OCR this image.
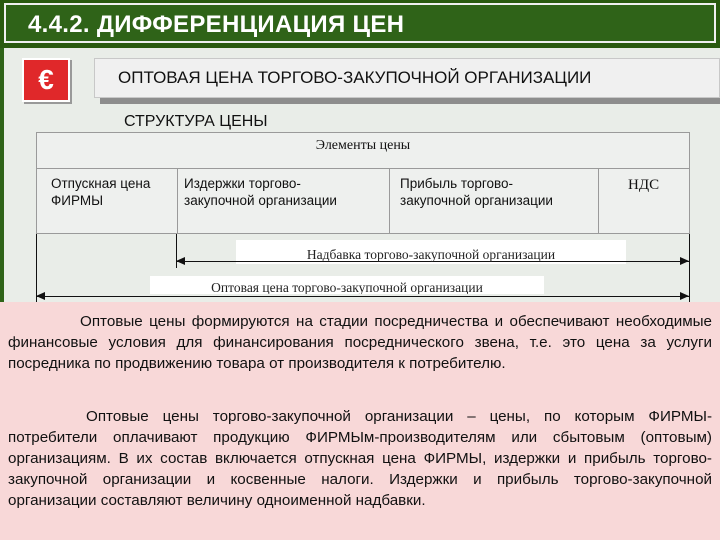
4.4.2. ДИФФЕРЕНЦИАЦИЯ ЦЕН
€	ОПТОВАЯ ЦЕНА ТОРГОВО-ЗАКУПОЧНОЙ ОРГАНИЗАЦИИ
СТРУКТУРА ЦЕНЫ
Элементы цены
Отпускная цена ФИРМЫ
Издержки торгово-закупочной организации
Прибыль торгово-закупочной организации
НДС
Надбавка торгово-закупочной организации
Оптовая цена торгово-закупочной организации
Оптовые цены формируются на стадии посредничества и обеспечивают необходимые финансовые условия для финансирования посреднического звена, т.е. это цена за услуги посредника по продвижению товара от производителя к потребителю.
Оптовые цены торгово-закупочной организации – цены, по которым ФИРМЫ-потребители оплачивают продукцию ФИРМЫм-производителям или сбытовым (оптовым) организациям. В их состав включается отпускная цена ФИРМЫ, издержки и прибыль торгово-закупочной организации и косвенные налоги. Издержки и прибыль торгово-закупочной организации составляют величину одноименной надбавки.
